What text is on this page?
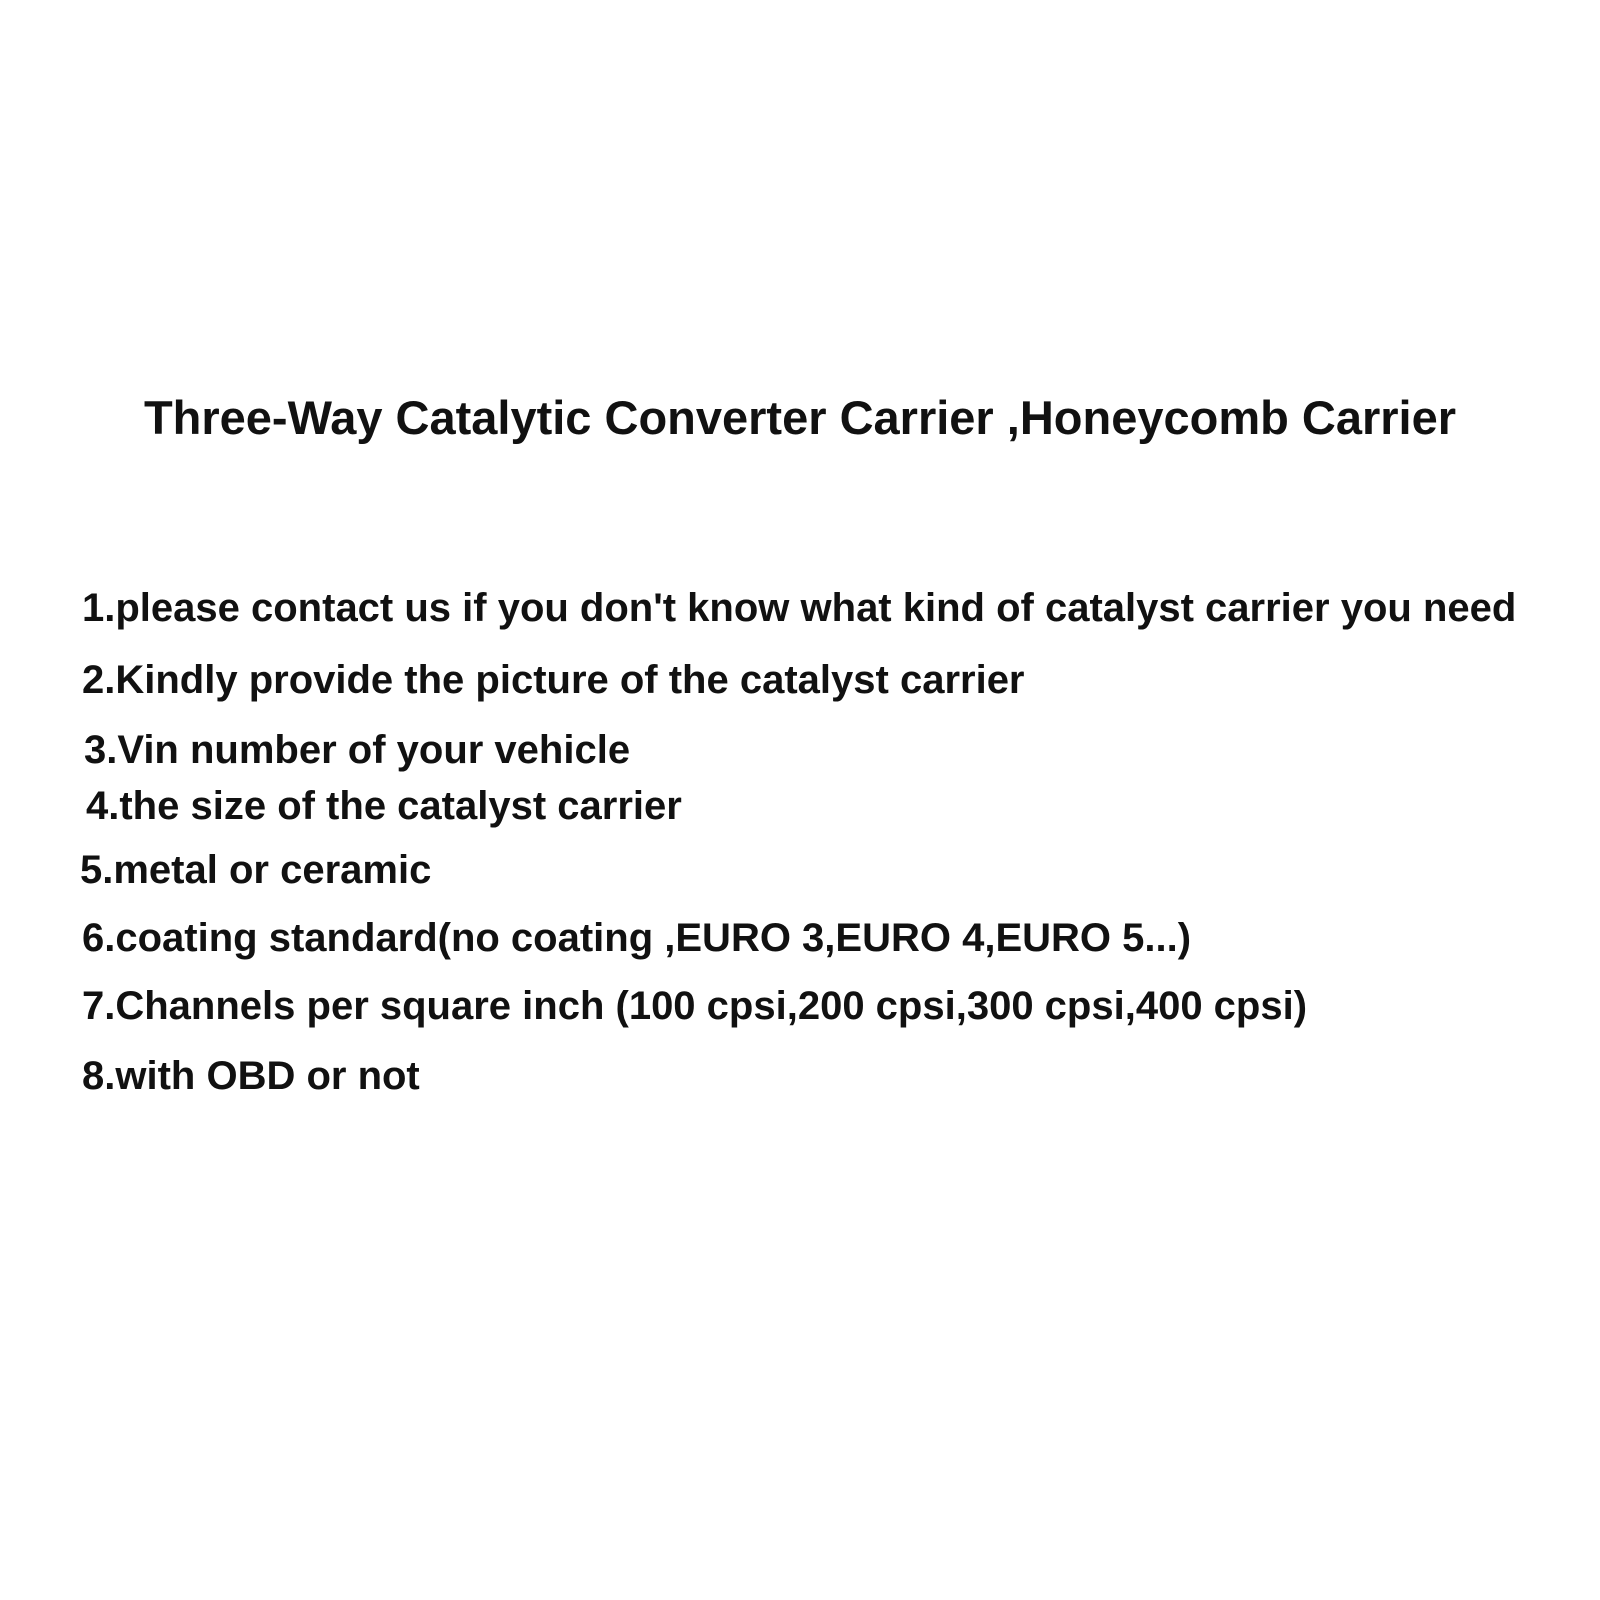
Three-Way Catalytic Converter Carrier ,Honeycomb Carrier
1.please contact us if you don't know what kind of catalyst carrier you need
2.Kindly provide the picture of the catalyst carrier
3.Vin number of your vehicle
4.the size of the catalyst carrier
5.metal or ceramic
6.coating standard(no coating ,EURO 3,EURO 4,EURO 5...)
7.Channels per square inch (100 cpsi,200 cpsi,300 cpsi,400 cpsi)
8.with OBD or not
